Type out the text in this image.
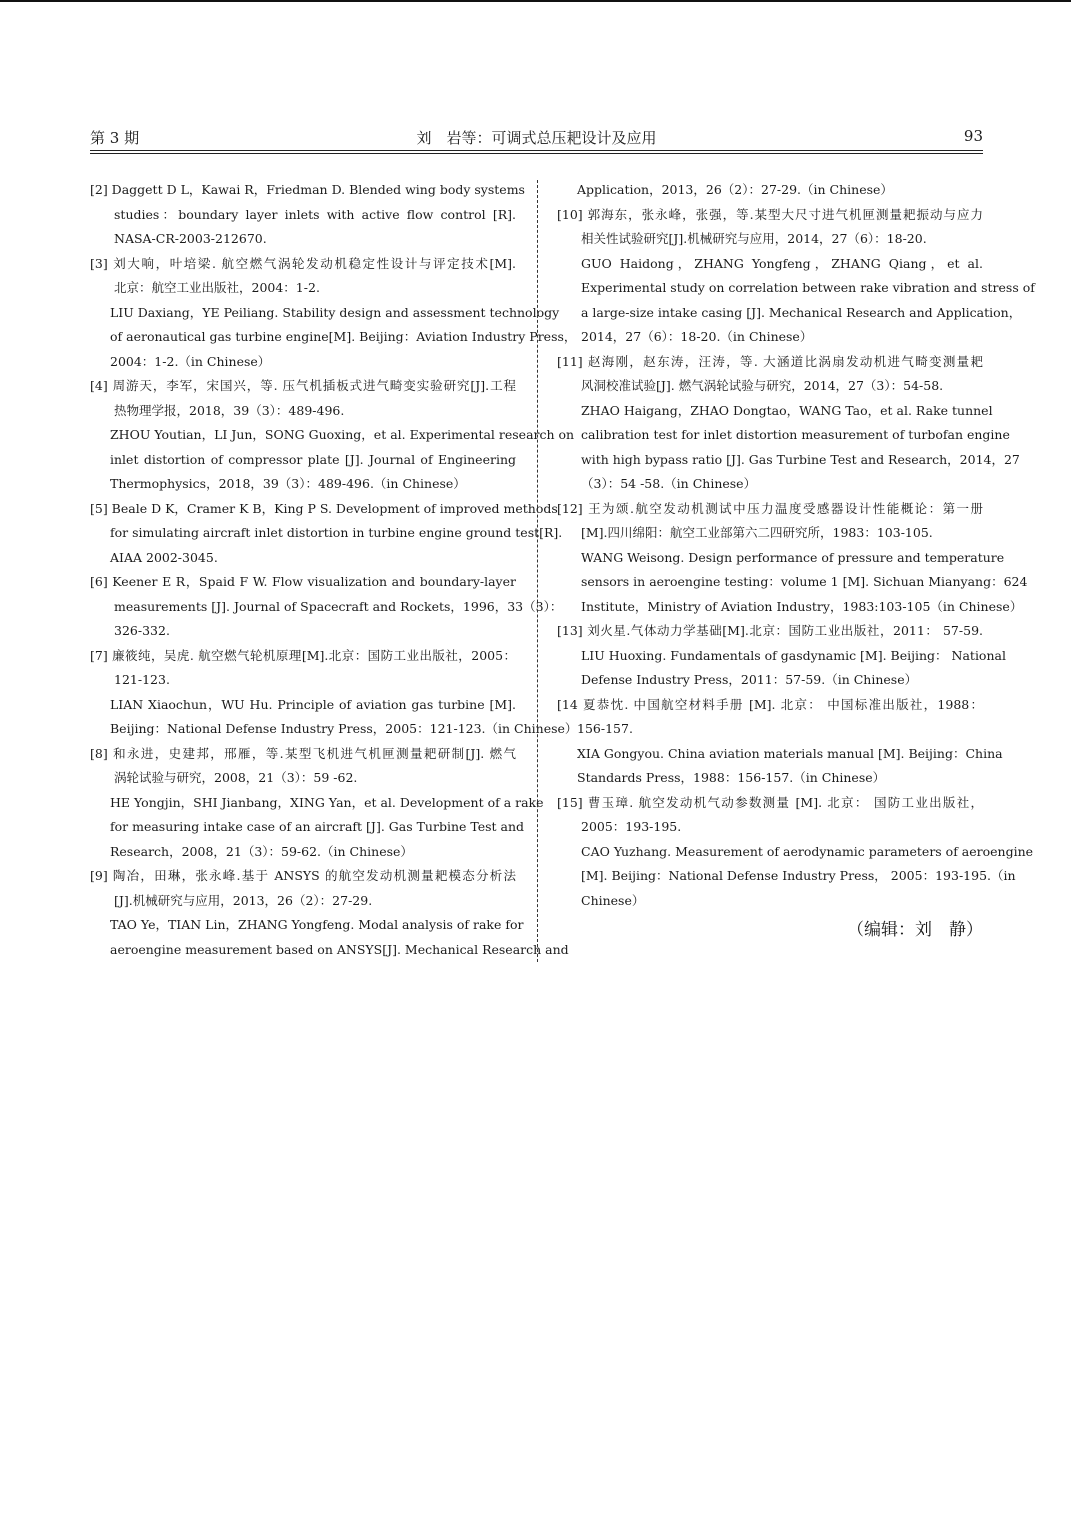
第 3 期	刘　岩等：可调式总压耙设计及应用	93
[2] Daggett D L，Kawai R，Friedman D. Blended wing body systems
studies：boundary layer inlets with active flow control [R].
NASA-CR-2003-212670.
[3] 刘大响，叶培梁. 航空燃气涡轮发动机稳定性设计与评定技术[M].
北京：航空工业出版社，2004：1-2.
LIU Daxiang，YE Peiliang. Stability design and assessment technology
of aeronautical gas turbine engine[M]. Beijing：Aviation Industry Press，
2004：1-2.（in Chinese）
[4] 周游天，李军，宋国兴，等. 压气机插板式进气畸变实验研究[J].工程
热物理学报，2018，39（3）：489-496.
ZHOU Youtian，LI Jun，SONG Guoxing，et al. Experimental research on
inlet distortion of compressor plate [J]. Journal of Engineering
Thermophysics，2018，39（3）：489-496.（in Chinese）
[5] Beale D K，Cramer K B，King P S. Development of improved methods
for simulating aircraft inlet distortion in turbine engine ground test[R].
AIAA 2002-3045.
[6] Keener E R，Spaid F W. Flow visualization and boundary-layer
measurements [J]. Journal of Spacecraft and Rockets，1996，33（3）：
326-332.
[7] 廉筱纯，吴虎. 航空燃气轮机原理[M].北京：国防工业出版社，2005：
121-123.
LIAN Xiaochun，WU Hu. Principle of aviation gas turbine [M].
Beijing：National Defense Industry Press，2005：121-123.（in Chinese）
[8] 和永进，史建邦，邢雁，等.某型飞机进气机匣测量耙研制[J]. 燃气
涡轮试验与研究，2008，21（3）：59 -62.
HE Yongjin，SHI Jianbang，XING Yan，et al. Development of a rake
for measuring intake case of an aircraft [J]. Gas Turbine Test and
Research，2008，21（3）：59-62.（in Chinese）
[9] 陶冶，田琳，张永峰.基于 ANSYS 的航空发动机测量耙模态分析法
[J].机械研究与应用，2013，26（2）：27-29.
TAO Ye，TIAN Lin，ZHANG Yongfeng. Modal analysis of rake for
aeroengine measurement based on ANSYS[J]. Mechanical Research and
Application，2013，26（2）：27-29.（in Chinese）
[10] 郭海东，张永峰，张强，等.某型大尺寸进气机匣测量耙振动与应力
相关性试验研究[J].机械研究与应用，2014，27（6）：18-20.
GUO Haidong，ZHANG Yongfeng，ZHANG Qiang，et al.
Experimental study on correlation between rake vibration and stress of
a large-size intake casing [J]. Mechanical Research and Application，
2014，27（6）：18-20.（in Chinese）
[11] 赵海刚，赵东涛，汪涛，等. 大涵道比涡扇发动机进气畸变测量耙
风洞校准试验[J]. 燃气涡轮试验与研究，2014，27（3）：54-58.
ZHAO Haigang，ZHAO Dongtao，WANG Tao，et al. Rake tunnel
calibration test for inlet distortion measurement of turbofan engine
with high bypass ratio [J]. Gas Turbine Test and Research，2014，27
（3）：54 -58.（in Chinese）
[12] 王为颂.航空发动机测试中压力温度受感器设计性能概论：第一册
[M].四川绵阳：航空工业部第六二四研究所，1983：103-105.
WANG Weisong. Design performance of pressure and temperature
sensors in aeroengine testing：volume 1 [M]. Sichuan Mianyang：624
Institute，Ministry of Aviation Industry，1983:103-105（in Chinese）
[13] 刘火星.气体动力学基础[M].北京：国防工业出版社，2011： 57-59.
LIU Huoxing. Fundamentals of gasdynamic [M]. Beijing： National
Defense Industry Press，2011：57-59.（in Chinese）
[14 夏恭忱. 中国航空材料手册 [M]. 北京： 中国标准出版社，1988：
156-157.
XIA Gongyou. China aviation materials manual [M]. Beijing：China
Standards Press，1988：156-157.（in Chinese）
[15] 曹玉璋. 航空发动机气动参数测量 [M]. 北京： 国防工业出版社，
2005：193-195.
CAO Yuzhang. Measurement of aerodynamic parameters of aeroengine
[M]. Beijing：National Defense Industry Press， 2005：193-195.（in
Chinese）
（编辑：刘　静）
